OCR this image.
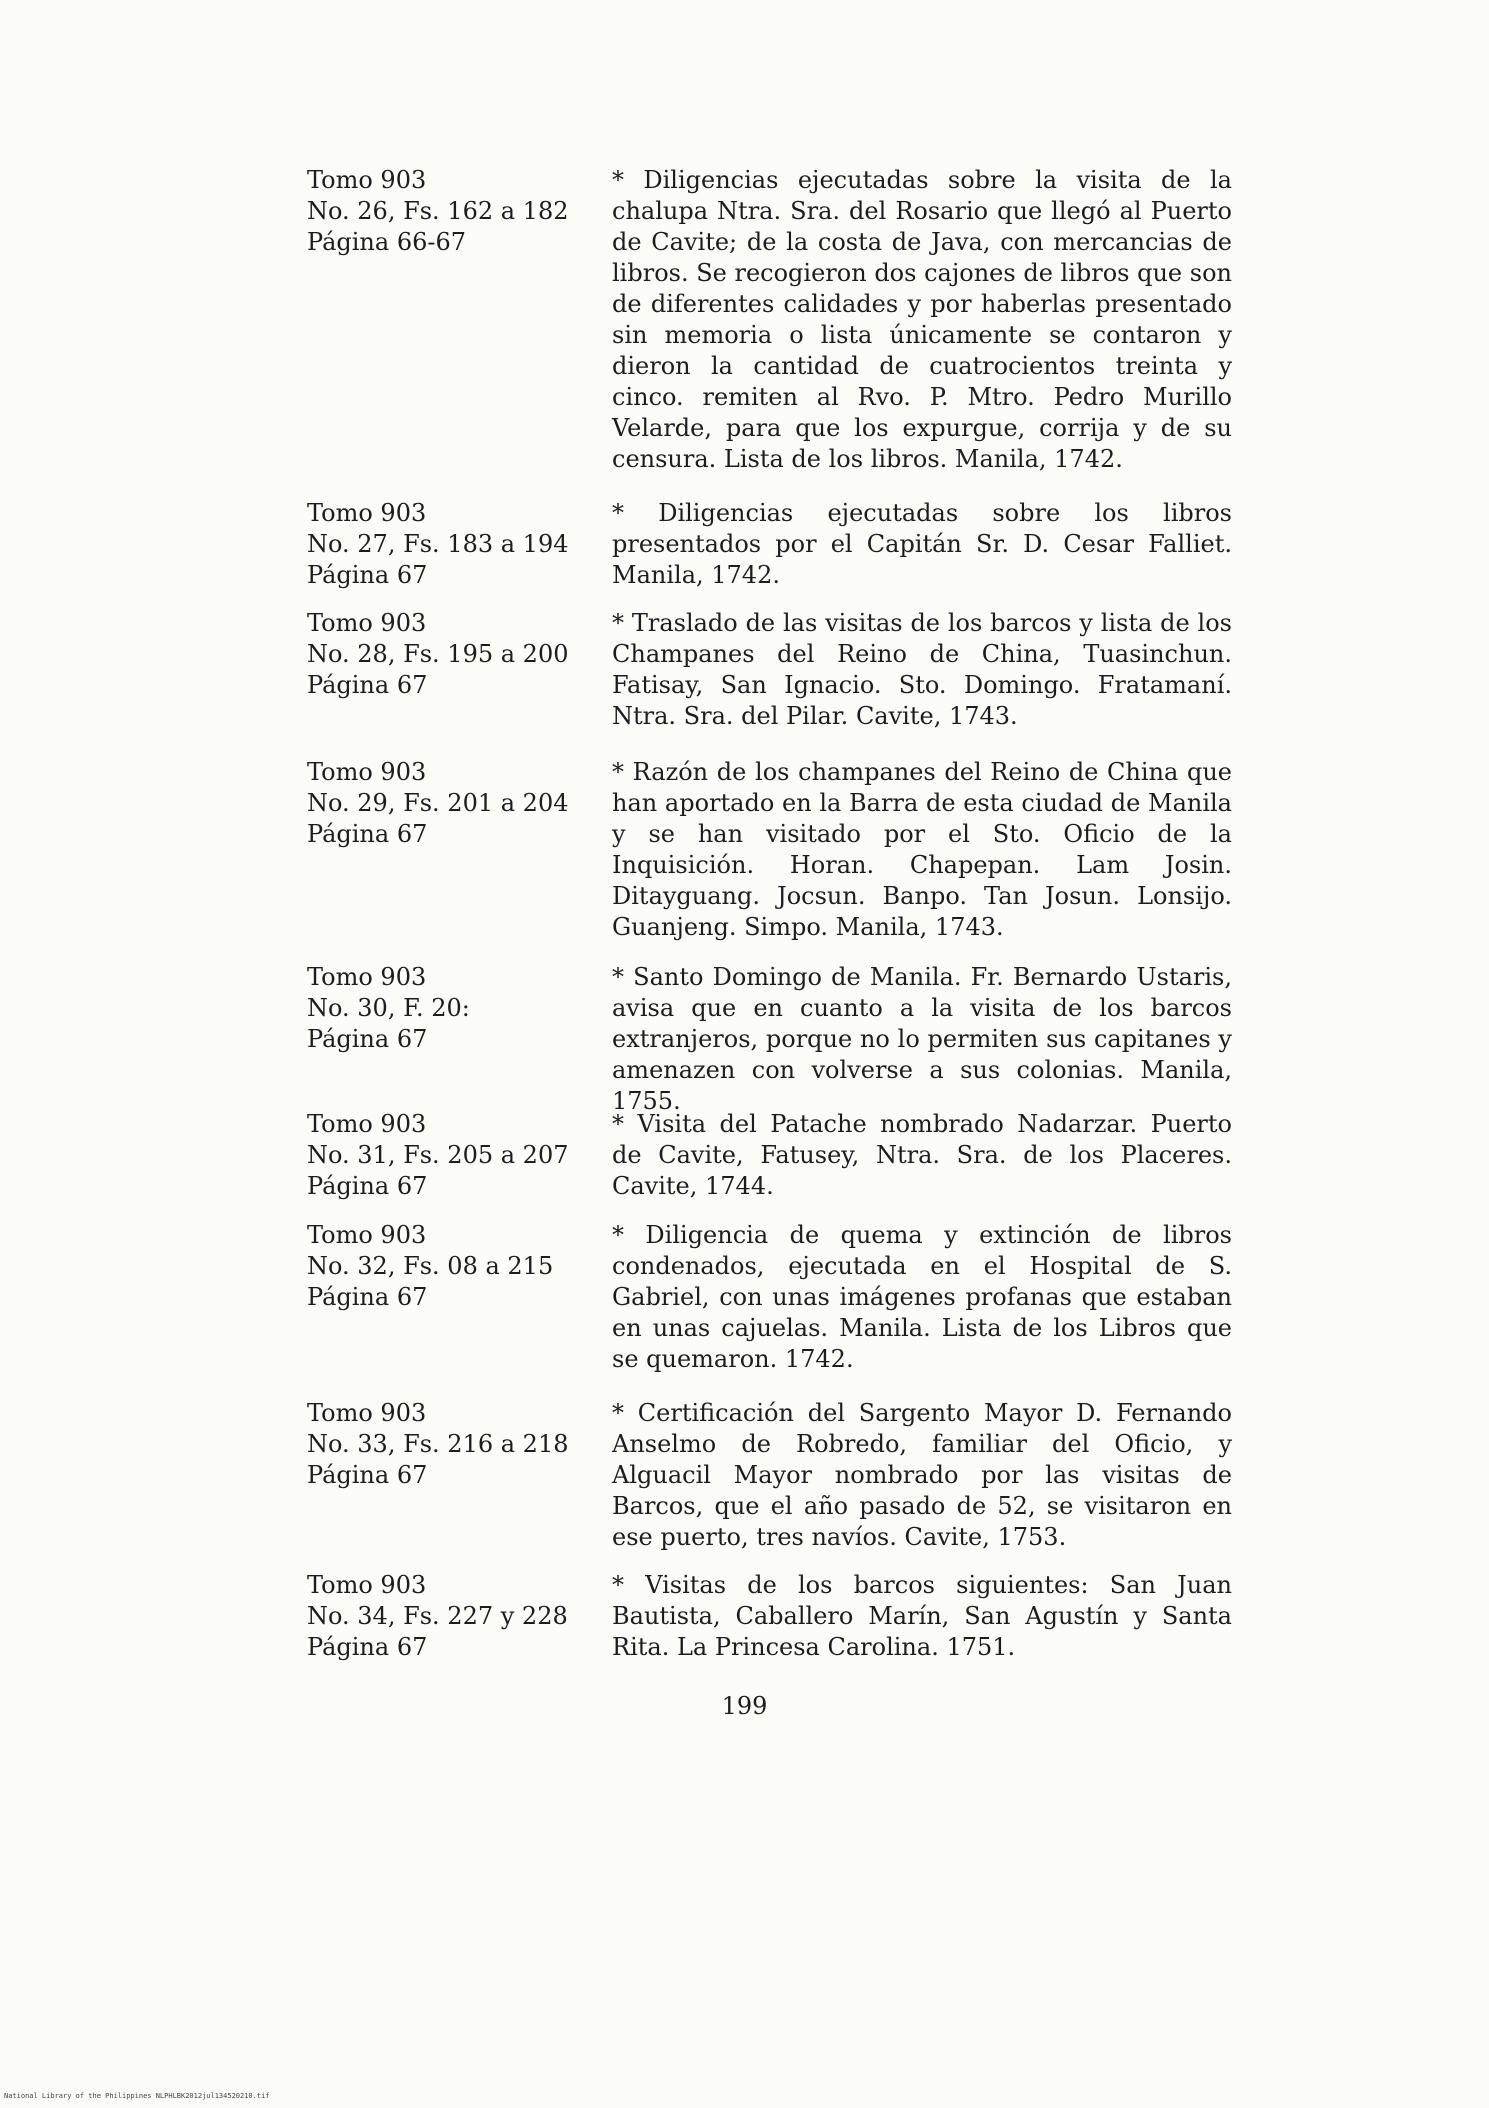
Tomo 903
No. 26, Fs. 162 a 182
Página 66-67
* Diligencias ejecutadas sobre la visita de la chalupa Ntra. Sra. del Rosario que llegó al Puerto de Cavite; de la costa de Java, con mercancias de libros. Se recogieron dos cajones de libros que son de diferentes calidades y por haberlas presentado sin memoria o lista únicamente se contaron y dieron la cantidad de cuatrocientos treinta y cinco. remiten al Rvo. P. Mtro. Pedro Murillo Velarde, para que los expurgue, corrija y de su censura. Lista de los libros. Manila, 1742.
Tomo 903
No. 27, Fs. 183 a 194
Página 67
* Diligencias ejecutadas sobre los libros presentados por el Capitán Sr. D. Cesar Falliet. Manila, 1742.
Tomo 903
No. 28, Fs. 195 a 200
Página 67
* Traslado de las visitas de los barcos y lista de los Champanes del Reino de China, Tuasinchun. Fatisay, San Ignacio. Sto. Domingo. Fratamaní. Ntra. Sra. del Pilar. Cavite, 1743.
Tomo 903
No. 29, Fs. 201 a 204
Página 67
* Razón de los champanes del Reino de China que han aportado en la Barra de esta ciudad de Manila y se han visitado por el Sto. Oficio de la Inquisición. Horan. Chapepan. Lam Josin. Ditayguang. Jocsun. Banpo. Tan Josun. Lonsijo. Guanjeng. Simpo. Manila, 1743.
Tomo 903
No. 30, F. 20:
Página 67
* Santo Domingo de Manila. Fr. Bernardo Ustaris, avisa que en cuanto a la visita de los barcos extranjeros, porque no lo permiten sus capitanes y amenazen con volverse a sus colonias. Manila, 1755.
Tomo 903
No. 31, Fs. 205 a 207
Página 67
* Visita del Patache nombrado Nadarzar. Puerto de Cavite, Fatusey, Ntra. Sra. de los Placeres. Cavite, 1744.
Tomo 903
No. 32, Fs. 08 a 215
Página 67
* Diligencia de quema y extinción de libros condenados, ejecutada en el Hospital de S. Gabriel, con unas imágenes profanas que estaban en unas cajuelas. Manila. Lista de los Libros que se quemaron. 1742.
Tomo 903
No. 33, Fs. 216 a 218
Página 67
* Certificación del Sargento Mayor D. Fernando Anselmo de Robredo, familiar del Oficio, y Alguacil Mayor nombrado por las visitas de Barcos, que el año pasado de 52, se visitaron en ese puerto, tres navíos. Cavite, 1753.
Tomo 903
No. 34, Fs. 227 y 228
Página 67
* Visitas de los barcos siguientes: San Juan Bautista, Caballero Marín, San Agustín y Santa Rita. La Princesa Carolina. 1751.
199
National Library of the Philippines NLPHLBK2012jul134520210.tif
